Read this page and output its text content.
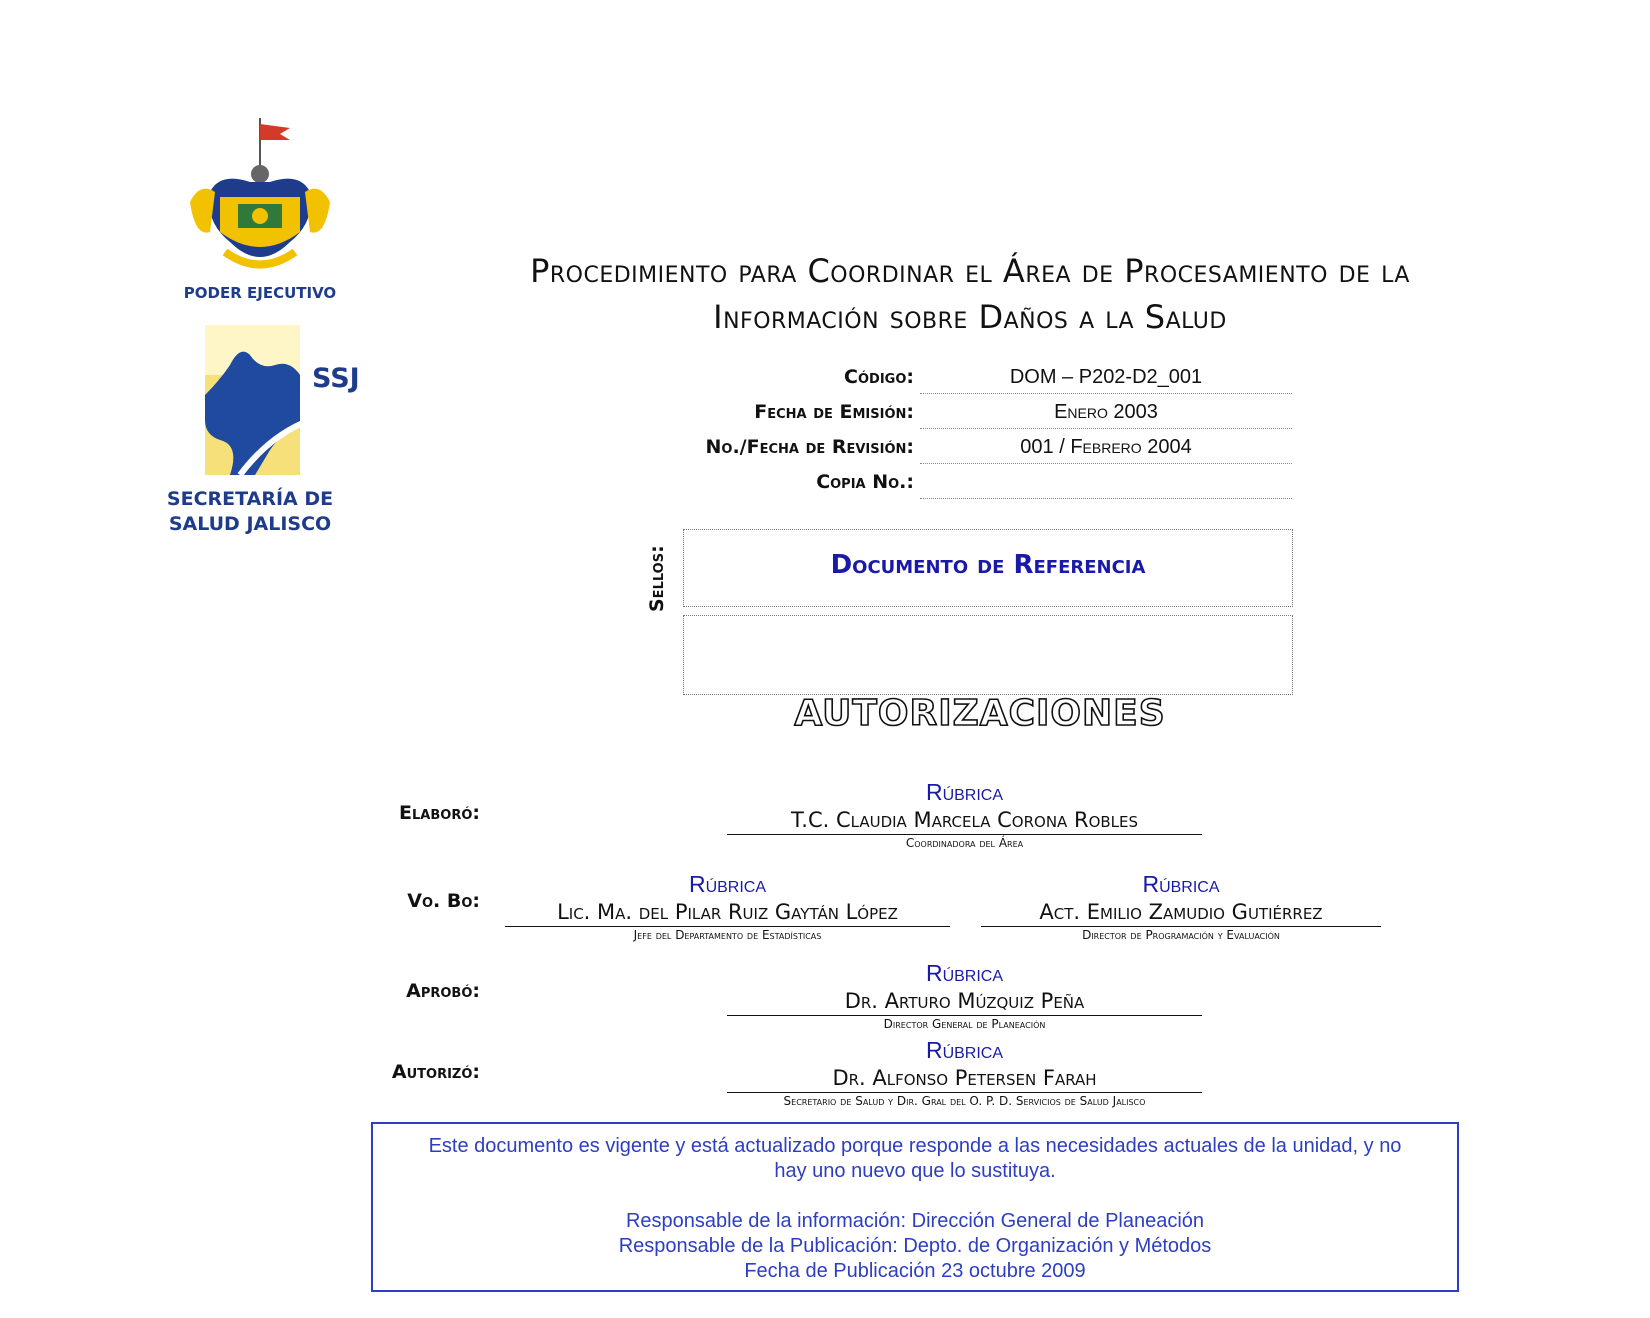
PODER EJECUTIVO
SSJ
SECRETARÍA DE
SALUD JALISCO
Procedimiento para Coordinar el Área de Procesamiento de la
Información sobre Daños a la Salud
Código:	DOM – P202-D2_001
Fecha de Emisión:	Enero 2003
No./Fecha de Revisión:	001 / Febrero 2004
Copia No.:
Sellos:	Documento de Referencia
AUTORIZACIONES
Elaboró:
Rúbrica
T.C. Claudia Marcela Corona Robles
Coordinadora del Área
Vo. Bo:
Rúbrica
Lic. Ma. del Pilar Ruiz Gaytán López
Jefe del Departamento de Estadísticas
Rúbrica
Act. Emilio Zamudio Gutiérrez
Director de Programación y Evaluación
Aprobó:
Rúbrica
Dr. Arturo Múzquiz Peña
Director General de Planeación
Autorizó:
Rúbrica
Dr. Alfonso Petersen Farah
Secretario de Salud y Dir. Gral del O. P. D. Servicios de Salud Jalisco

Este documento es vigente y está actualizado porque responde a las necesidades actuales de la unidad, y no

hay uno nuevo que lo sustituya.

Responsable de la información: Dirección General de Planeación

Responsable de la Publicación: Depto. de Organización y Métodos

Fecha de Publicación 23 octubre 2009
